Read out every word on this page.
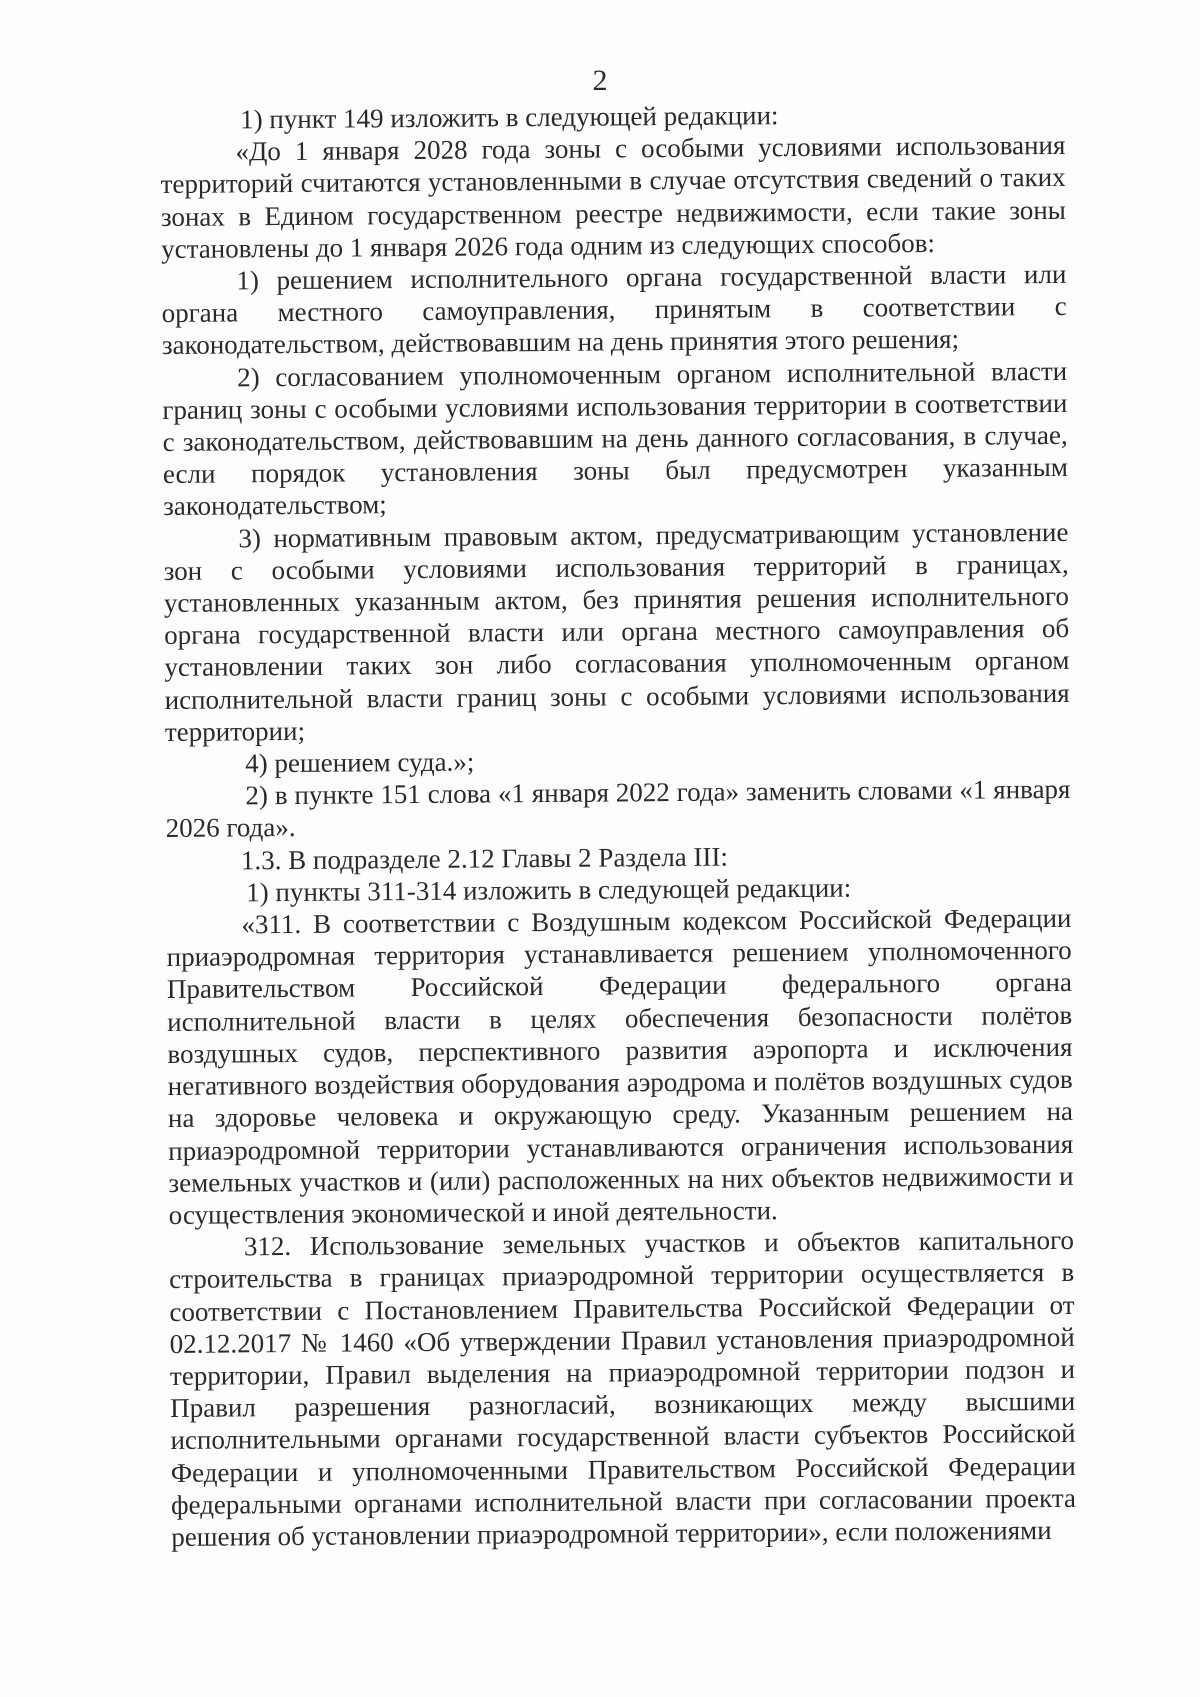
2

1) пункт 149 изложить в следующей редакции:

«До 1 января 2028 года зоны с особыми условиями использования территорий считаются установленными в случае отсутствия сведений о таких зонах в Едином государственном реестре недвижимости, если такие зоны установлены до 1 января 2026 года одним из следующих способов:

1) решением исполнительного органа государственной власти или органа местного самоуправления, принятым в соответствии с законодательством, действовавшим на день принятия этого решения;

2) согласованием уполномоченным органом исполнительной власти границ зоны с особыми условиями использования территории в соответствии с законодательством, действовавшим на день данного согласования, в случае, если порядок установления зоны был предусмотрен указанным законодательством;

3) нормативным правовым актом, предусматривающим установление зон с особыми условиями использования территорий в границах, установленных указанным актом, без принятия решения исполнительного органа государственной власти или органа местного самоуправления об установлении таких зон либо согласования уполномоченным органом исполнительной власти границ зоны с особыми условиями использования территории;

4) решением суда.»;

2) в пункте 151 слова «1 января 2022 года» заменить словами «1 января 2026 года».

1.3. В подразделе 2.12 Главы 2 Раздела III:

1) пункты 311-314 изложить в следующей редакции:

«311. В соответствии с Воздушным кодексом Российской Федерации приаэродромная территория устанавливается решением уполномоченного Правительством Российской Федерации федерального органа исполнительной власти в целях обеспечения безопасности полётов воздушных судов, перспективного развития аэропорта и исключения негативного воздействия оборудования аэродрома и полётов воздушных судов на здоровье человека и окружающую среду. Указанным решением на приаэродромной территории устанавливаются ограничения использования земельных участков и (или) расположенных на них объектов недвижимости и осуществления экономической и иной деятельности.

312. Использование земельных участков и объектов капитального строительства в границах приаэродромной территории осуществляется в соответствии с Постановлением Правительства Российской Федерации от 02.12.2017 № 1460 «Об утверждении Правил установления приаэродромной территории, Правил выделения на приаэродромной территории подзон и Правил разрешения разногласий, возникающих между высшими исполнительными органами государственной власти субъектов Российской Федерации и уполномоченными Правительством Российской Федерации федеральными органами исполнительной власти при согласовании проекта решения об установлении приаэродромной территории», если положениями
